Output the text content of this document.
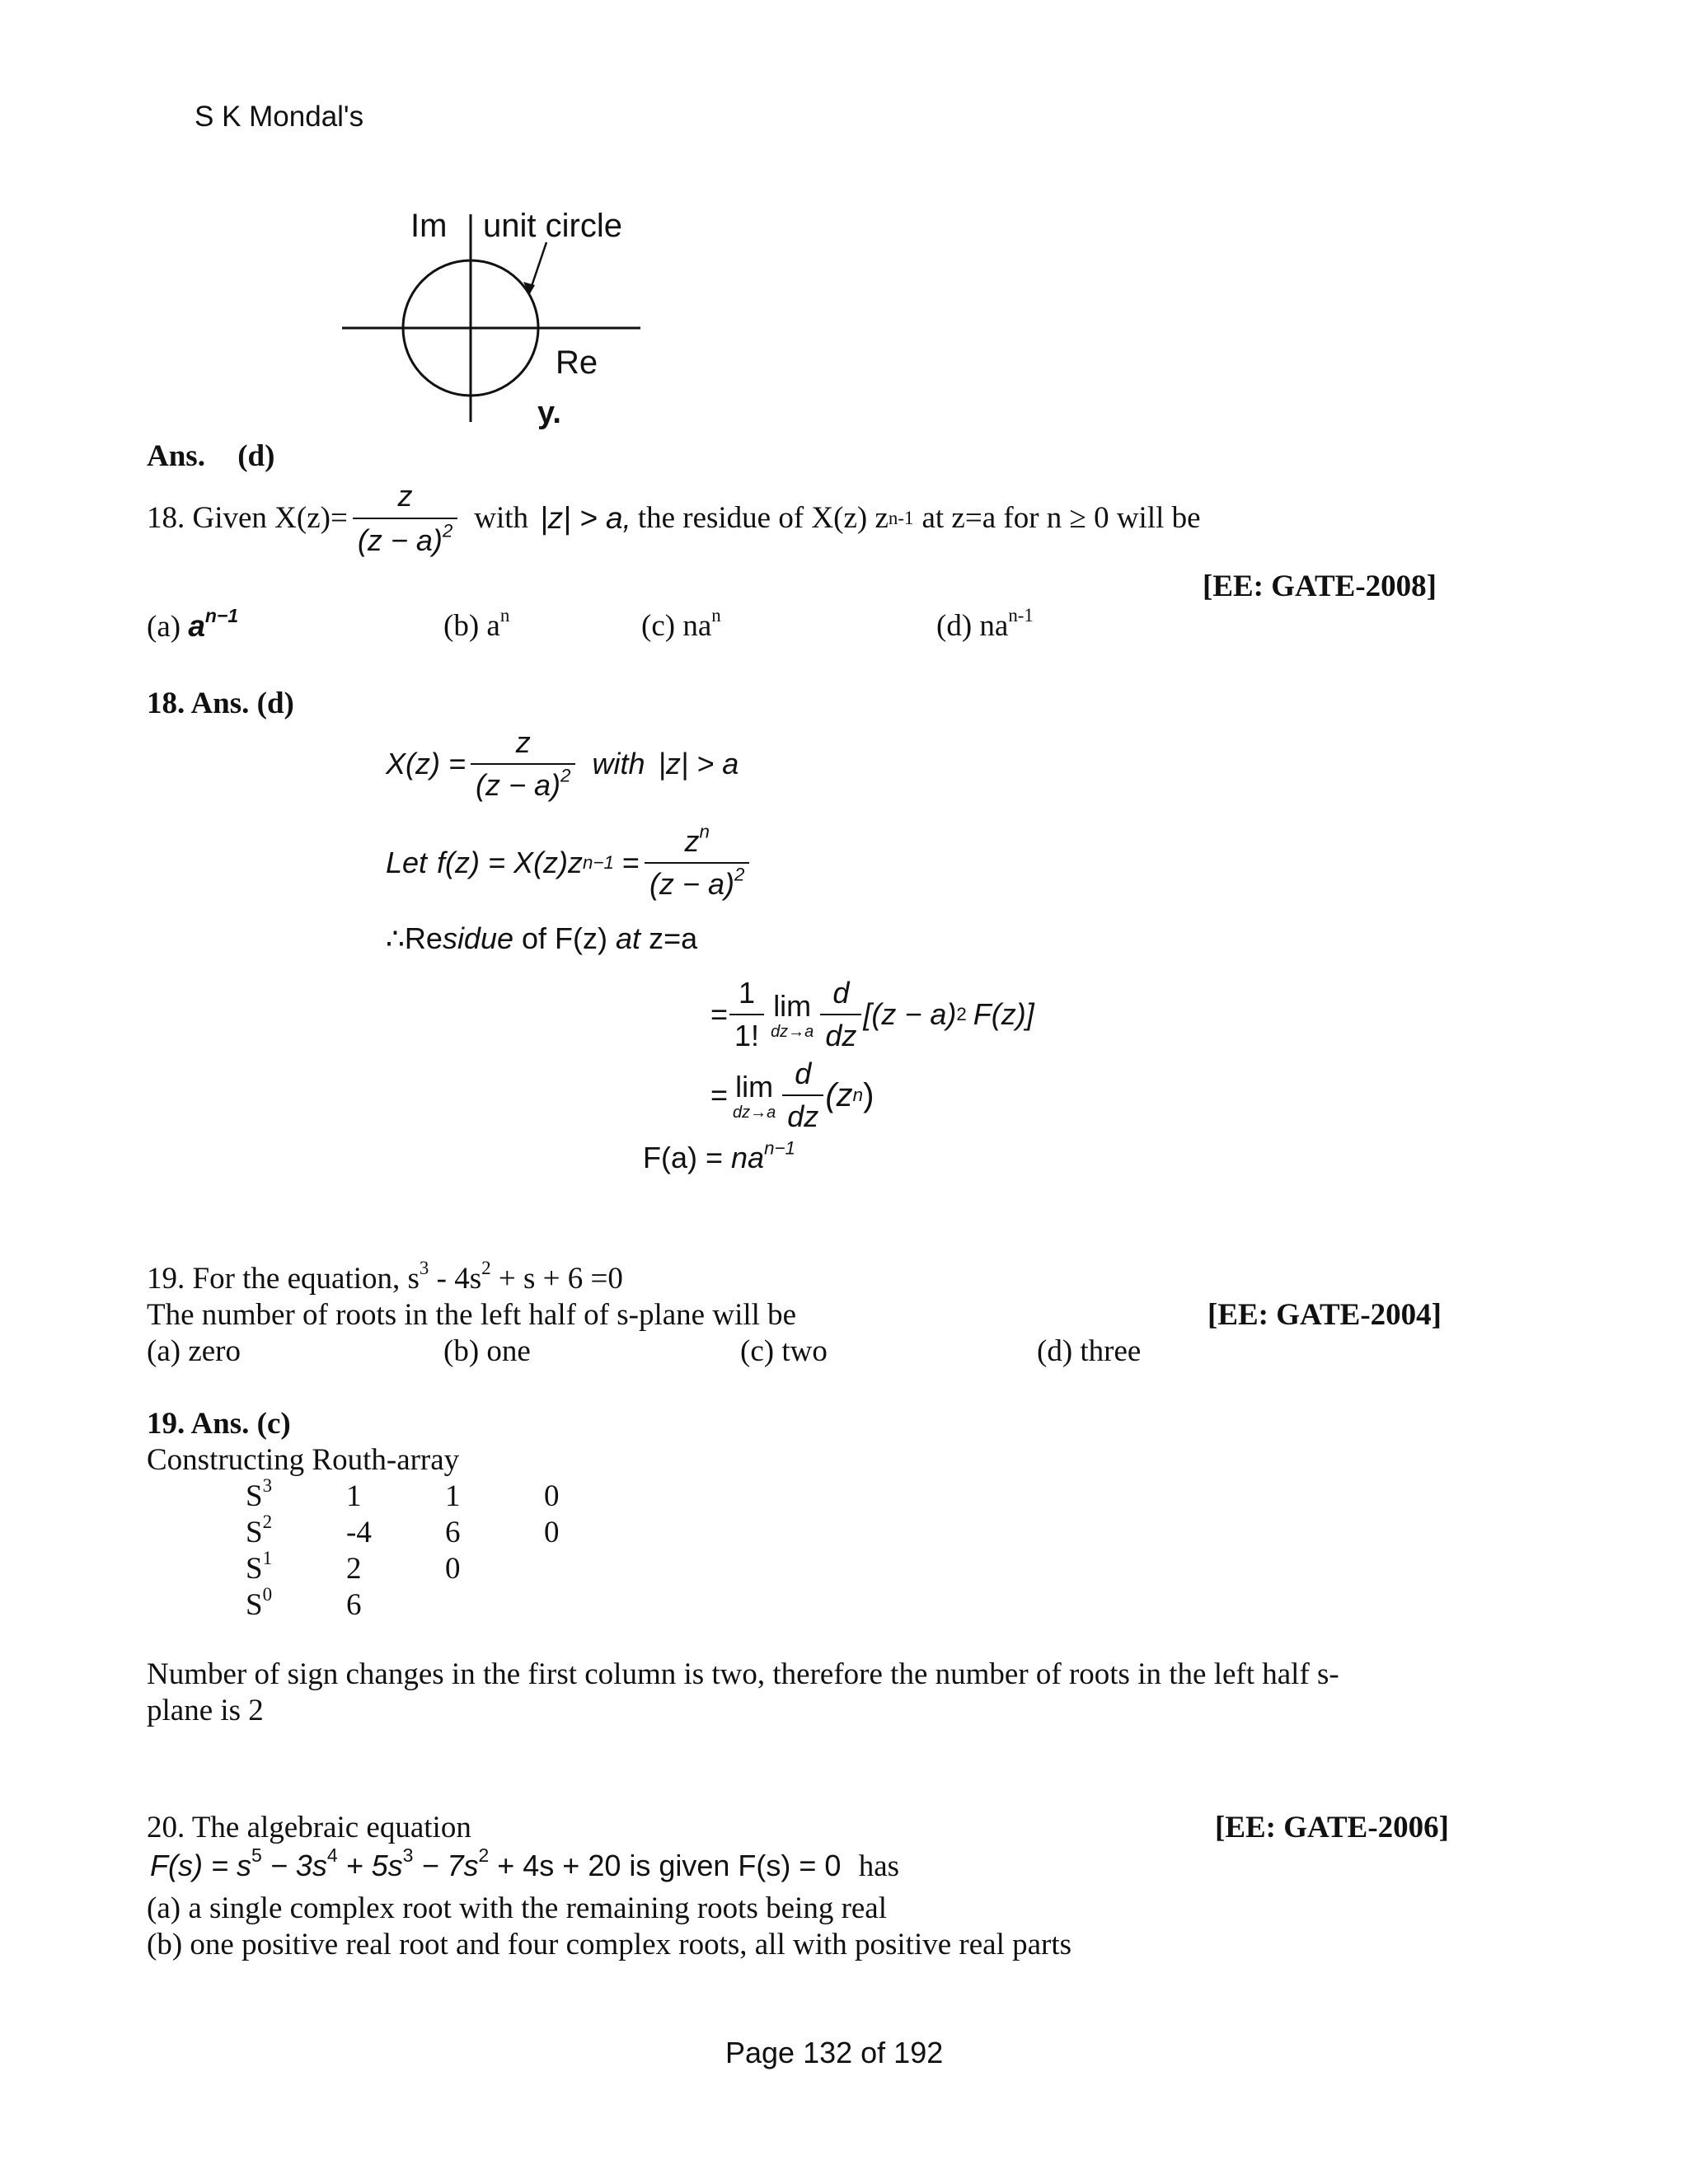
S K Mondal's
Im unit circle
Re
y.
Ans. (d)
18. Given $X(z)= \frac{z}{(z - a)^2}$ with |z| > a, the residue of X(z) z n-1 at z=a for n ≥ 0 will be
[EE: GATE-2008]
(a) $a^{n-1}$	(b) $a^n$	(c) $na^n$	(d) $na^{n-1}$
18. Ans. (d)
$X(z) = \frac{z}{(z - a)^2}$ with |z| > a
Let f(z) = X(z)z $n-1 = \frac{z^n}{(z - a)^2}$
∴Residue of F(z) at z=a
= $\frac{1}{1!}$ lim
$dz\to a \frac{d}{dz} [(z - a)$ 2 F(z)]
= lim
$dz\to a \frac{d}{dz} (z$ n )
$F(a) = na^{n-1}$
19. For the equation, $s^3 - 4s^2 + s + 6 =0$
The number of roots in the left half of s-plane will be	[EE: GATE-2004]
(a) zero	(b) one	(c) two	(d) three
19. Ans. (c)
Constructing Routh-array
$S^3$ 1	1	0
$S^2$ -4 6	0
$S^1$ 2	0
$S^0$ 6
Number of sign changes in the first column is two, therefore the number of roots in the left half s-
plane is 2
20. The algebraic equation	[EE: GATE-2006]
$F(s) = s^5 - 3s^4 + 5s^3 - 7s^2 + 4s + 20$ is given F(s) = 0 has
(a) a single complex root with the remaining roots being real
(b) one positive real root and four complex roots, all with positive real parts
Page 132 of 192
